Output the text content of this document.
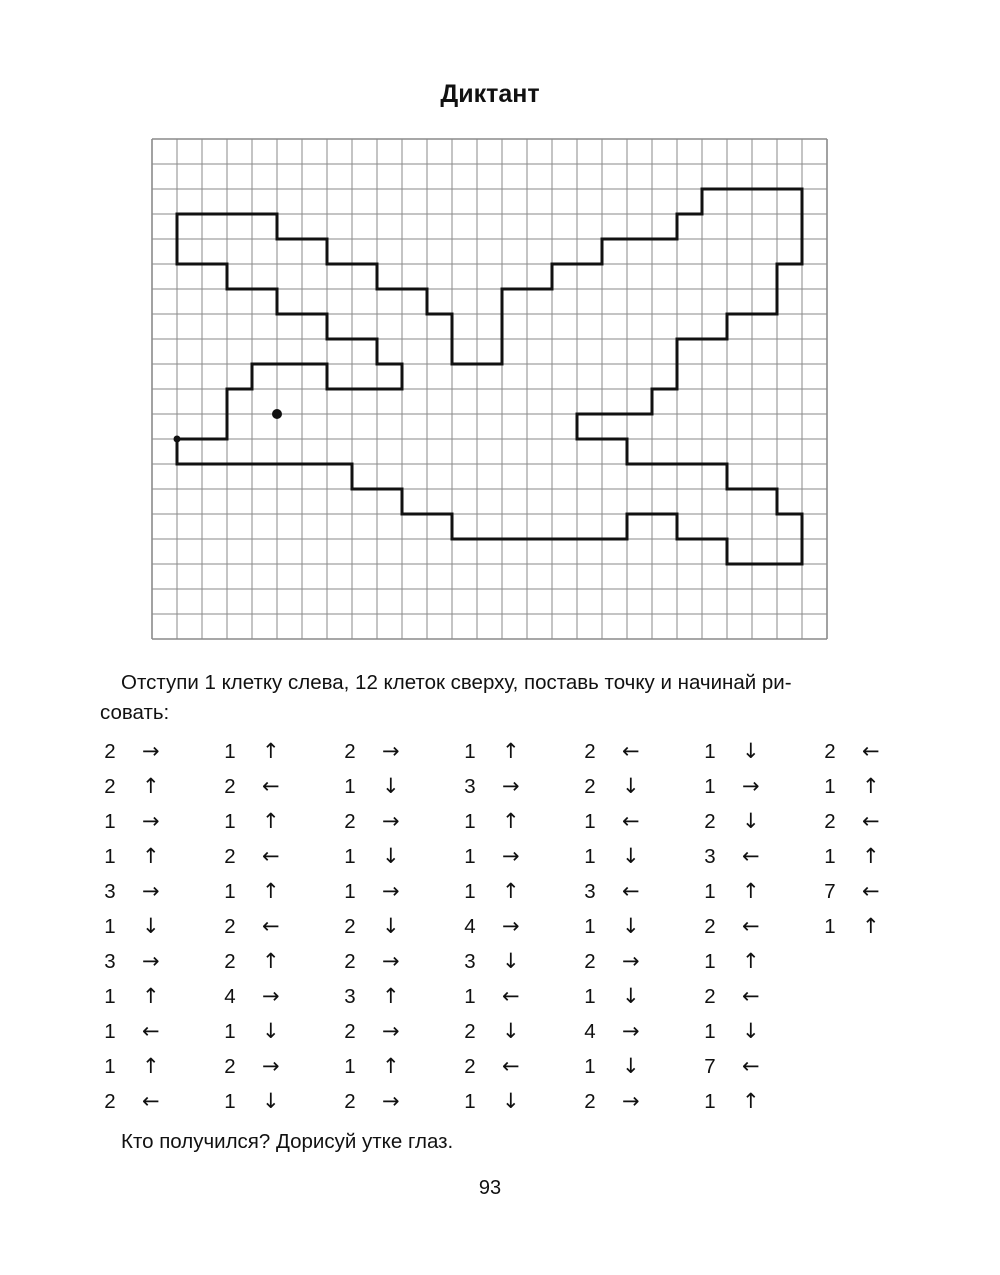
Диктант
Отступи 1 клетку слева, 12 клеток сверху, поставь точку и начинай ри-
совать:
2 →
2 ↑
1 →
1 ↑
3 →
1 ↓
3 →
1 ↑
1 ←
1 ↑
2 ←
1 ↑
2 ←
1 ↑
2 ←
1 ↑
2 ←
2 ↑
4 →
1 ↓
2 →
1 ↓
2 →
1 ↓
2 →
1 ↓
1 →
2 ↓
2 →
3 ↑
2 →
1 ↑
2 →
1 ↑
3 →
1 ↑
1 →
1 ↑
4 →
3 ↓
1 ←
2 ↓
2 ←
1 ↓
2 ←
2 ↓
1 ←
1 ↓
3 ←
1 ↓
2 →
1 ↓
4 →
1 ↓
2 →
1 ↓
1 →
2 ↓
3 ←
1 ↑
2 ←
1 ↑
2 ←
1 ↓
7 ←
1 ↑
2 ←
1 ↑
2 ←
1 ↑
7 ←
1 ↑
Кто получился? Дорисуй утке глаз.
93
